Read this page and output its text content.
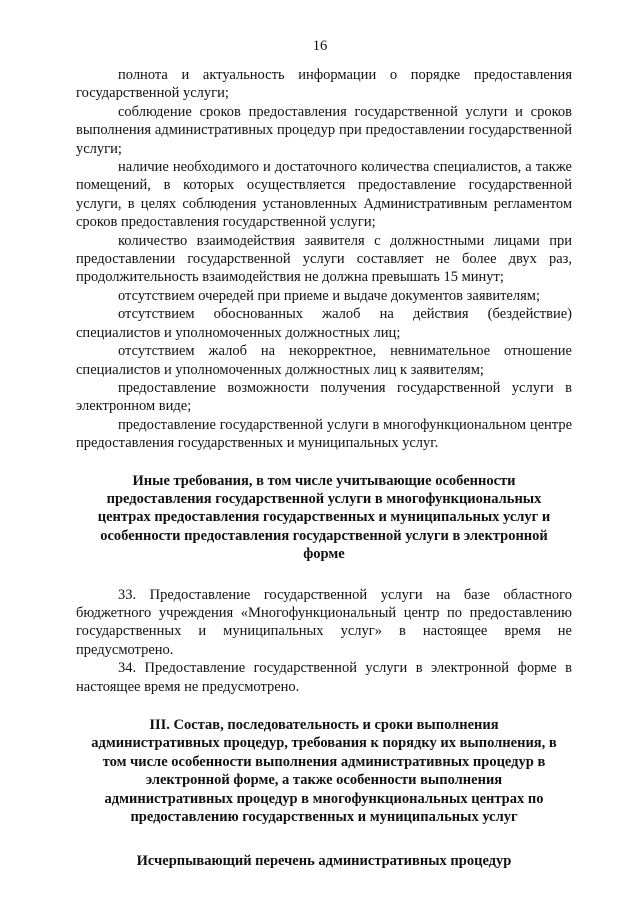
16

полнота и актуальность информации о порядке предоставления государственной услуги;

соблюдение сроков предоставления государственной услуги и сроков выполнения административных процедур при предоставлении государственной услуги;

наличие необходимого и достаточного количества специалистов, а также помещений, в которых осуществляется предоставление государственной услуги, в целях соблюдения установленных Административным регламентом сроков предоставления государственной услуги;

количество взаимодействия заявителя с должностными лицами при предоставлении государственной услуги составляет не более двух раз, продолжительность взаимодействия не должна превышать 15 минут;

отсутствием очередей при приеме и выдаче документов заявителям;

отсутствием обоснованных жалоб на действия (бездействие) специалистов и уполномоченных должностных лиц;

отсутствием жалоб на некорректное, невнимательное отношение специалистов и уполномоченных должностных лиц к заявителям;

предоставление возможности получения государственной услуги в электронном виде;

предоставление государственной услуги в многофункциональном центре предоставления государственных и муниципальных услуг.

Иные требования, в том числе учитывающие особенности предоставления государственной услуги в многофункциональных центрах предоставления государственных и муниципальных услуг и особенности предоставления государственной услуги в электронной форме

33. Предоставление государственной услуги на базе областного бюджетного учреждения «Многофункциональный центр по предоставлению государственных и муниципальных услуг» в настоящее время не предусмотрено.

34. Предоставление государственной услуги в электронной форме в настоящее время не предусмотрено.

III. Состав, последовательность и сроки выполнения административных процедур, требования к порядку их выполнения, в том числе особенности выполнения административных процедур в электронной форме, а также особенности выполнения административных процедур в многофункциональных центрах по предоставлению государственных и муниципальных услуг

Исчерпывающий перечень административных процедур
